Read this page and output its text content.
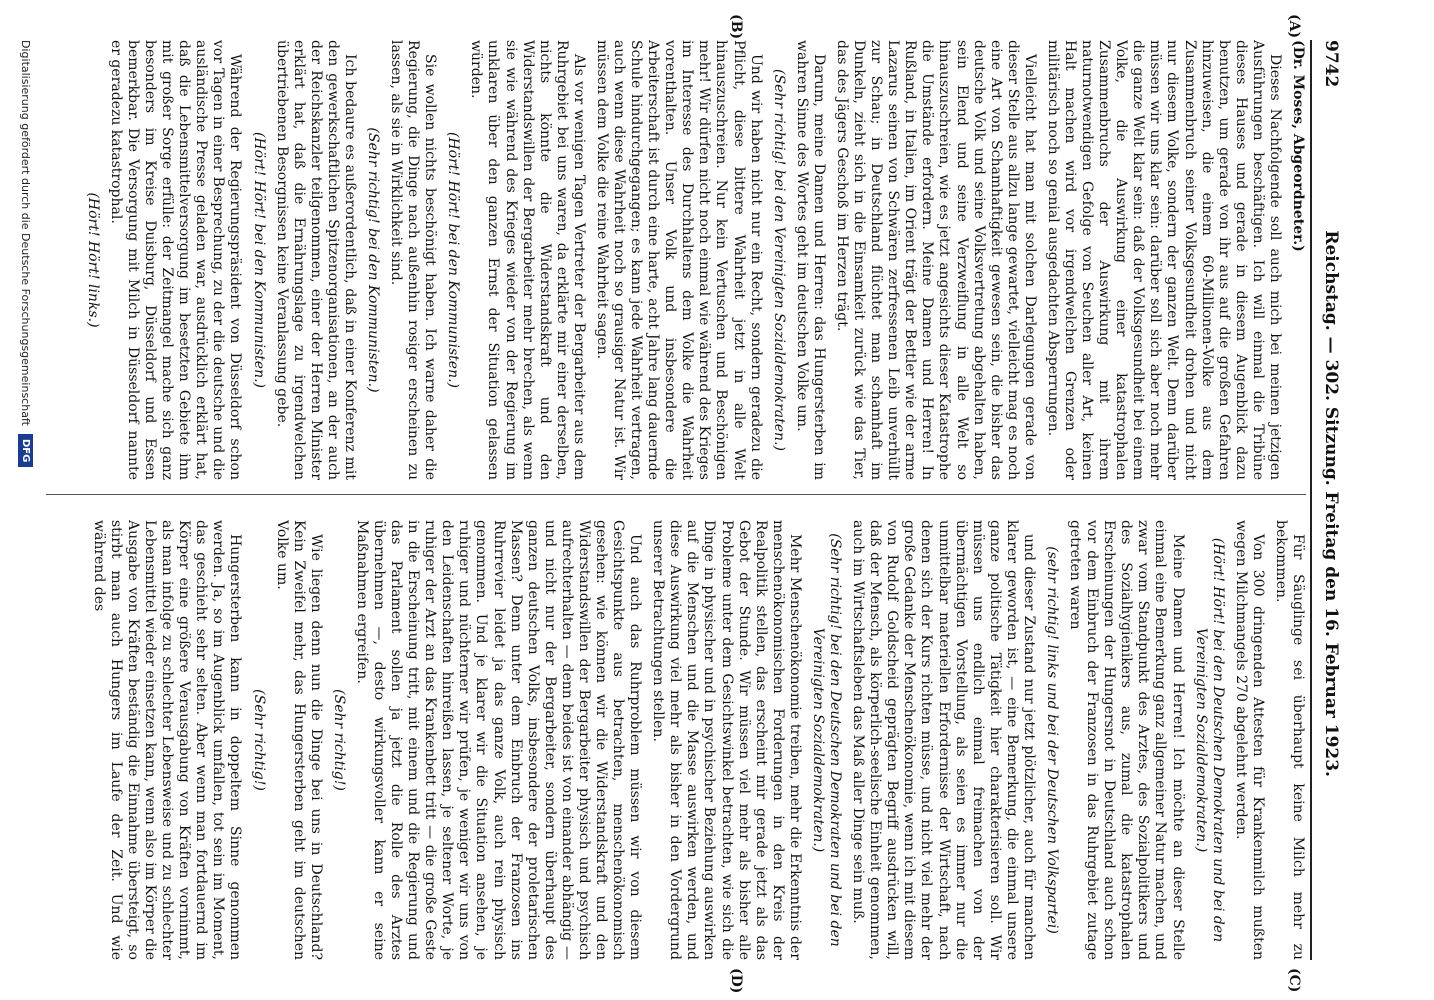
9742
Reichstag. — 302. Sitzung. Freitag den 16. Februar 1923.
(A)
(B)
(C)
(D)

(Dr. Moses, Abgeordneter.)

Dieses Nachfolgende soll auch mich bei meinen jetzigen Ausführungen beschäftigen. Ich will einmal die Tribüne dieses Hauses und gerade in diesem Augenblick dazu benutzen, um gerade von ihr aus auf die großen Gefahren hinzuweisen, die einem 60-Millionen-Volke aus dem Zusammenbruch seiner Volksgesundheit drohen und nicht nur diesem Volke, sondern der ganzen Welt. Denn darüber müssen wir uns klar sein: darüber soll sich aber noch mehr die ganze Welt klar sein: daß der Volksgesundheit bei einem Volke, die Auswirkung einer katastrophalen Zusammenbruchs der Auswirkung mit ihrem naturnotwendigen Gefolge von Seuchen aller Art, keinen Halt machen wird vor irgendwelchen Grenzen oder militärisch noch so genial ausgedachten Absperrungen.

Vielleicht hat man mit solchen Darlegungen gerade von dieser Stelle aus allzu lange gewartet, vielleicht mag es noch eine Art von Schamhaftigkeit gewesen sein, die bisher das deutsche Volk und seine Volksvertretung abgehalten haben, sein Elend und seine Verzweiflung in alle Welt so hinauszuschreien, wie es jetzt angesichts dieser Katastrophe die Umstände erfordern. Meine Damen und Herren! In Rußland, in Italien, im Orient trägt der Bettler wie der arme Lazarus seinen von Schwären zerfressenen Leib unverhüllt zur Schau; in Deutschland flüchtet man schamhaft im Dunkeln, zieht sich in die Einsamkeit zurück wie das Tier, das des Jägers Geschoß im Herzen trägt.

Darum, meine Damen und Herren: das Hungersterben im wahren Sinne des Wortes geht im deutschen Volke um.

(Sehr richtig! bei den Vereinigten Sozialdemokraten.)

Und wir haben nicht nur ein Recht, sondern geradezu die Pflicht, diese bittere Wahrheit jetzt in alle Welt hinauszuschreien. Nur kein Vertuschen und Beschönigen mehr! Wir dürfen nicht noch einmal wie während des Krieges im Interesse des Durchhaltens dem Volke die Wahrheit vorenthalten. Unser Volk und insbesondere die Arbeiterschaft ist durch eine harte, acht Jahre lang dauernde Schule hindurchgegangen; es kann jede Wahrheit vertragen, auch wenn diese Wahrheit noch so grausiger Natur ist. Wir müssen dem Volke die reine Wahrheit sagen.

Als vor wenigen Tagen Vertreter der Bergarbeiter aus dem Ruhrgebiet bei uns waren, da erklärte mir einer derselben, nichts könnte die Widerstandskraft und den Widerstandswillen der Bergarbeiter mehr brechen, als wenn sie wie während des Krieges wieder von der Regierung im unklaren über den ganzen Ernst der Situation gelassen würden.

(Hört! Hört! bei den Kommunisten.)

Sie wollen nichts beschönigt haben. Ich warne daher die Regierung, die Dinge nach außenhin rosiger erscheinen zu lassen, als sie in Wirklichkeit sind.

(Sehr richtig! bei den Kommunisten.)

Ich bedaure es außerordentlich, daß in einer Konferenz mit den gewerkschaftlichen Spitzenorganisationen, an der auch der Reichskanzler teilgenommen, einer der Herren Minister erklärt hat, daß die Ernährungslage zu irgendwelchen übertriebenen Besorgnissen keine Veranlassung gebe.

(Hört! Hört! bei den Kommunisten.)

Während der Regierungspräsident von Düsseldorf schon vor Tagen in einer Besprechung, zu der die deutsche und die ausländische Presse geladen war, ausdrücklich erklärt hat, daß die Lebensmittelversorgung im besetzten Gebiete ihm mit großer Sorge erfülle: der Zeitmangel mache sich ganz besonders im Kreise Duisburg, Düsseldorf und Essen bemerkbar. Die Versorgung mit Milch in Düsseldorf nannte er geradezu katastrophal.

(Hört! Hört! links.)

Für Säuglinge sei überhaupt keine Milch mehr zu bekommen.

Von 300 dringenden Attesten für Krankenmilch mußten wegen Milchmangels 270 abgelehnt werden.

(Hört! Hört! bei den Deutschen Demokraten und bei den Vereinigten Sozialdemokraten.)

Meine Damen und Herren! Ich möchte an dieser Stelle einmal eine Bemerkung ganz allgemeiner Natur machen, und zwar vom Standpunkt des Arztes, des Sozialpolitikers und des Sozialhygienikers aus, zumal die katastrophalen Erscheinungen der Hungersnot in Deutschland auch schon vor dem Einbruch der Franzosen in das Ruhrgebiet zutage getreten waren

(sehr richtig! links und bei der Deutschen Volkspartei)

und dieser Zustand nur jetzt plötzlicher, auch für manchen klarer geworden ist, — eine Bemerkung, die einmal unsere ganze politische Tätigkeit hier charakterisieren soll. Wir müssen uns endlich einmal freimachen von der übermächtigen Vorstellung, als seien es immer nur die unmittelbar materiellen Erfordernisse der Wirtschaft, nach denen sich der Kurs richten müsse, und nicht viel mehr der große Gedanke der Menschenökonomie, wenn ich mit diesem von Rudolf Goldscheid geprägten Begriff ausdrücken will, daß der Mensch, als körperlich-seelische Einheit genommen, auch im Wirtschaftsleben das Maß aller Dinge sein muß.

(Sehr richtig! bei den Deutschen Demokraten und bei den Vereinigten Sozialdemokraten.)

Mehr Menschenökonomie treiben, mehr die Erkenntnis der menschenökonomischen Forderungen in den Kreis der Realpolitik stellen, das erscheint mir gerade jetzt als das Gebot der Stunde. Wir müssen viel mehr als bisher alle Probleme unter dem Gesichtswinkel betrachten, wie sich die Dinge in physischer und in psychischer Beziehung auswirken auf die Menschen und die Masse auswirken werden, und diese Auswirkung viel mehr als bisher in den Vordergrund unserer Betrachtungen stellen.

Und auch das Ruhrproblem müssen wir von diesem Gesichtspunkte aus betrachten, menschenökonomisch gesehen: wie können wir die Widerstandskraft und den Widerstandswillen der Bergarbeiter physisch und psychisch aufrechterhalten — denn beides ist von einander abhängig — und nicht nur der Bergarbeiter, sondern überhaupt des ganzen deutschen Volks, insbesondere der proletarischen Massen? Denn unter dem Einbruch der Franzosen ins Ruhrrevier leidet ja das ganze Volk, auch rein physisch genommen. Und je klarer wir die Situation ansehen, je ruhiger und nüchterner wir prüfen, je weniger wir uns von den Leidenschaften hinreißen lassen, je seltener Worte, je ruhiger der Arzt an das Krankenbett tritt — die große Geste in die Erscheinung tritt, mit einem und die Regierung und das Parlament sollen ja jetzt die Rolle des Arztes übernehmen —, desto wirkungsvoller kann er seine Maßnahmen ergreifen.

(Sehr richtig!)

Wie liegen denn nun die Dinge bei uns in Deutschland? Kein Zweifel mehr, das Hungersterben geht im deutschen Volke um.

(Sehr richtig!)

Hungersterben kann in doppeltem Sinne genommen werden. Ja, so im Augenblick umfallen, tot sein im Moment, das geschieht sehr selten. Aber wenn man fortdauernd im Körper eine größere Verausgabung von Kräften vornimmt, als man infolge zu schlechter Lebensweise und zu schlechter Lebensmittel wieder einsetzen kann, wenn also im Körper die Ausgabe von Kräften beständig die Einnahme übersteigt, so stirbt man auch Hungers im Laufe der Zeit. Und wie während des

Digitalisierung gefördert durch die Deutsche Forschungsgemeinschaft
DFG
